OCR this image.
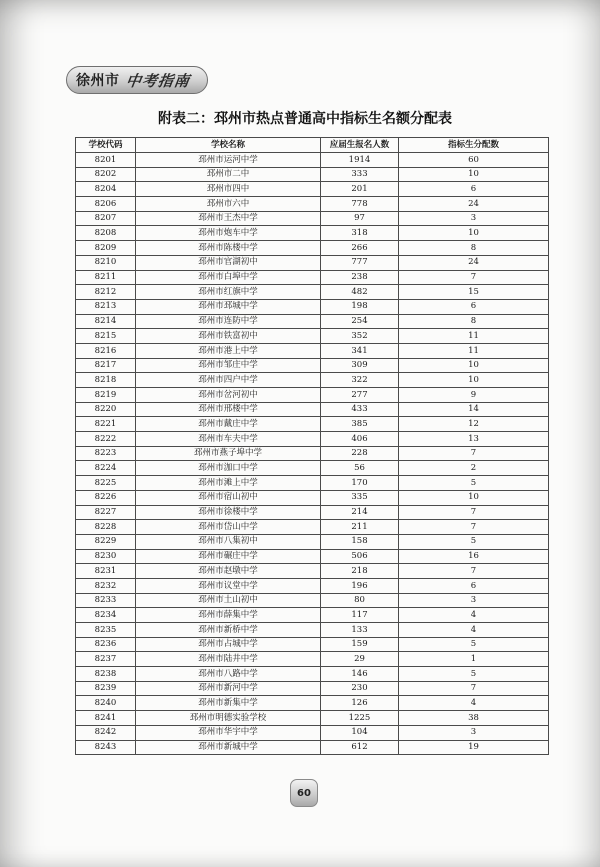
徐州市 中考指南
附表二：邳州市热点普通高中指标生名额分配表
学校代码	学校名称	应届生报名人数	指标生分配数
8201	邳州市运河中学	1914	60
8202	邳州市二中	333	10
8204	邳州市四中	201	6
8206	邳州市六中	778	24
8207	邳州市王杰中学	97	3
8208	邳州市炮车中学	318	10
8209	邳州市陈楼中学	266	8
8210	邳州市官湖初中	777	24
8211	邳州市白埠中学	238	7
8212	邳州市红旗中学	482	15
8213	邳州市邳城中学	198	6
8214	邳州市连防中学	254	8
8215	邳州市铁富初中	352	11
8216	邳州市港上中学	341	11
8217	邳州市邹庄中学	309	10
8218	邳州市四户中学	322	10
8219	邳州市岔河初中	277	9
8220	邳州市邢楼中学	433	14
8221	邳州市戴庄中学	385	12
8222	邳州市车夫中学	406	13
8223	邳州市燕子埠中学	228	7
8224	邳州市泇口中学	56	2
8225	邳州市滩上中学	170	5
8226	邳州市宿山初中	335	10
8227	邳州市徐楼中学	214	7
8228	邳州市岱山中学	211	7
8229	邳州市八集初中	158	5
8230	邳州市碾庄中学	506	16
8231	邳州市赵墩中学	218	7
8232	邳州市议堂中学	196	6
8233	邳州市土山初中	80	3
8234	邳州市薛集中学	117	4
8235	邳州市新桥中学	133	4
8236	邳州市占城中学	159	5
8237	邳州市陆井中学	29	1
8238	邳州市八路中学	146	5
8239	邳州市新河中学	230	7
8240	邳州市新集中学	126	4
8241	邳州市明德实验学校	1225	38
8242	邳州市华宇中学	104	3
8243	邳州市新城中学	612	19
60
